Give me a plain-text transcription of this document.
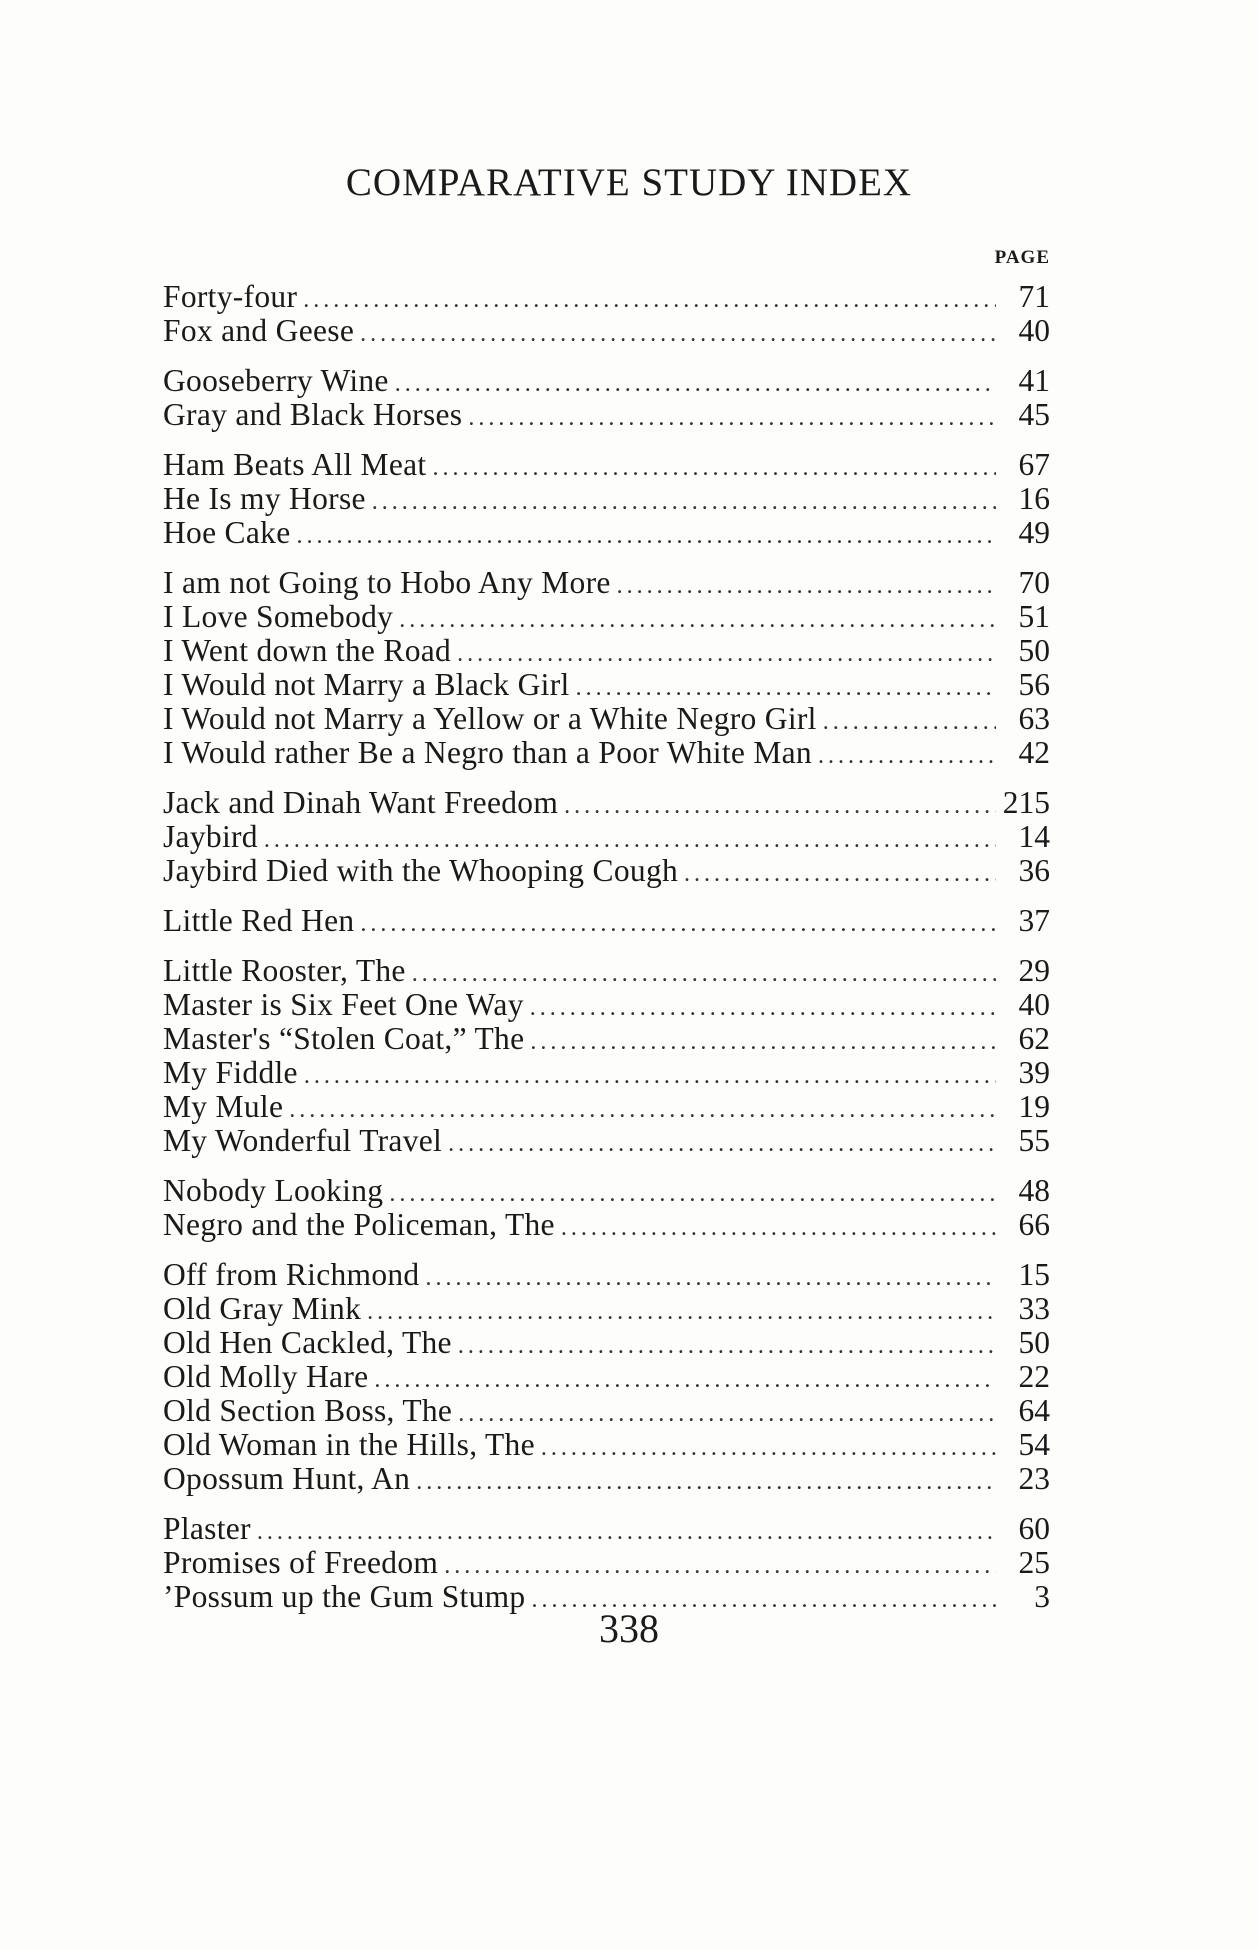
COMPARATIVE STUDY INDEX
PAGE
Forty-four .....	71
Fox and Geese .....	40
Gooseberry Wine .....	41
Gray and Black Horses .....	45
Ham Beats All Meat .....	67
He Is my Horse .....	16
Hoe Cake .....	49
I am not Going to Hobo Any More .....	70
I Love Somebody .....	51
I Went down the Road .....	50
I Would not Marry a Black Girl .....	56
I Would not Marry a Yellow or a White Negro Girl .....	63
I Would rather Be a Negro than a Poor White Man .....	42
Jack and Dinah Want Freedom .....	215
Jaybird .....	14
Jaybird Died with the Whooping Cough .....	36
Little Red Hen .....	37
Little Rooster, The .....	29
Master is Six Feet One Way .....	40
Master's “Stolen Coat,” The .....	62
My Fiddle .....	39
My Mule .....	19
My Wonderful Travel .....	55
Nobody Looking .....	48
Negro and the Policeman, The .....	66
Off from Richmond .....	15
Old Gray Mink .....	33
Old Hen Cackled, The .....	50
Old Molly Hare .....	22
Old Section Boss, The .....	64
Old Woman in the Hills, The .....	54
Opossum Hunt, An .....	23
Plaster .....	60
Promises of Freedom .....	25
’Possum up the Gum Stump .....	3
338
